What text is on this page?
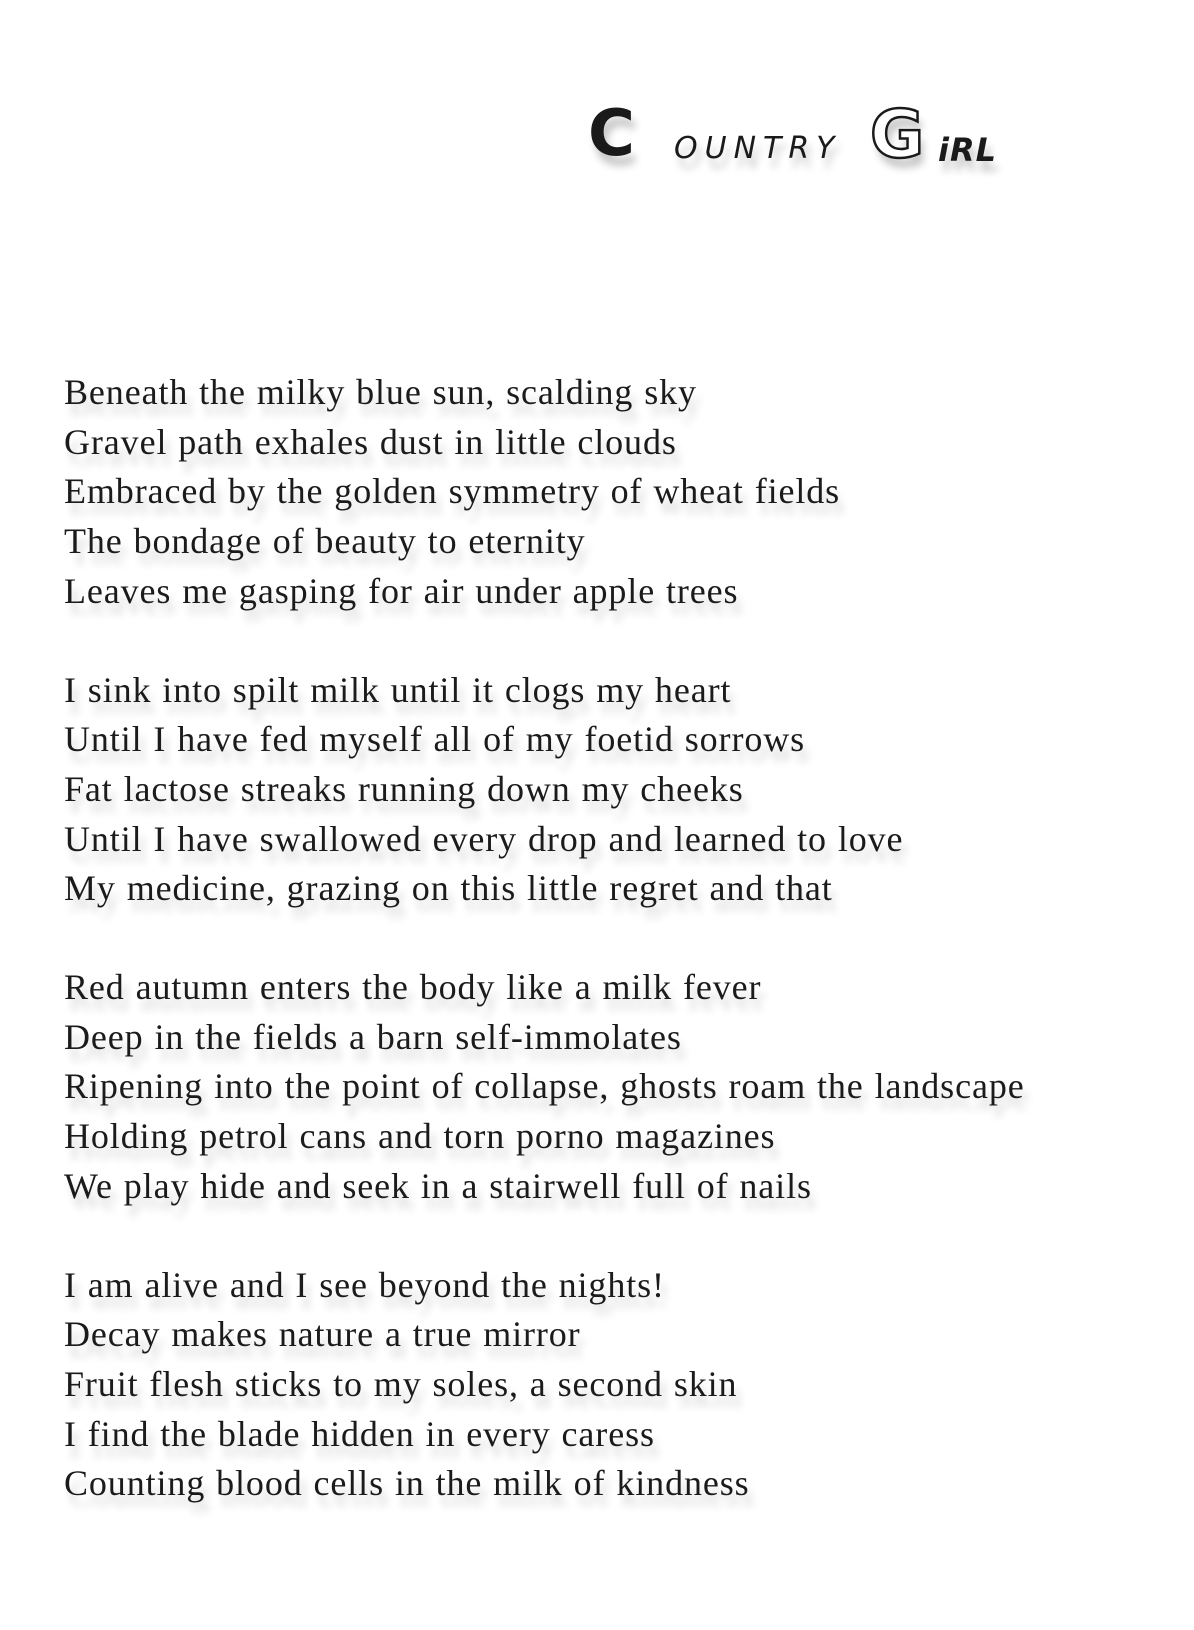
C OUNTRY G iRL
Beneath the milky blue sun, scalding sky
Gravel path exhales dust in little clouds
Embraced by the golden symmetry of wheat fields
The bondage of beauty to eternity
Leaves me gasping for air under apple trees
I sink into spilt milk until it clogs my heart
Until I have fed myself all of my foetid sorrows
Fat lactose streaks running down my cheeks
Until I have swallowed every drop and learned to love
My medicine, grazing on this little regret and that
Red autumn enters the body like a milk fever
Deep in the fields a barn self-immolates
Ripening into the point of collapse, ghosts roam the landscape
Holding petrol cans and torn porno magazines
We play hide and seek in a stairwell full of nails
I am alive and I see beyond the nights!
Decay makes nature a true mirror
Fruit flesh sticks to my soles, a second skin
I find the blade hidden in every caress
Counting blood cells in the milk of kindness
